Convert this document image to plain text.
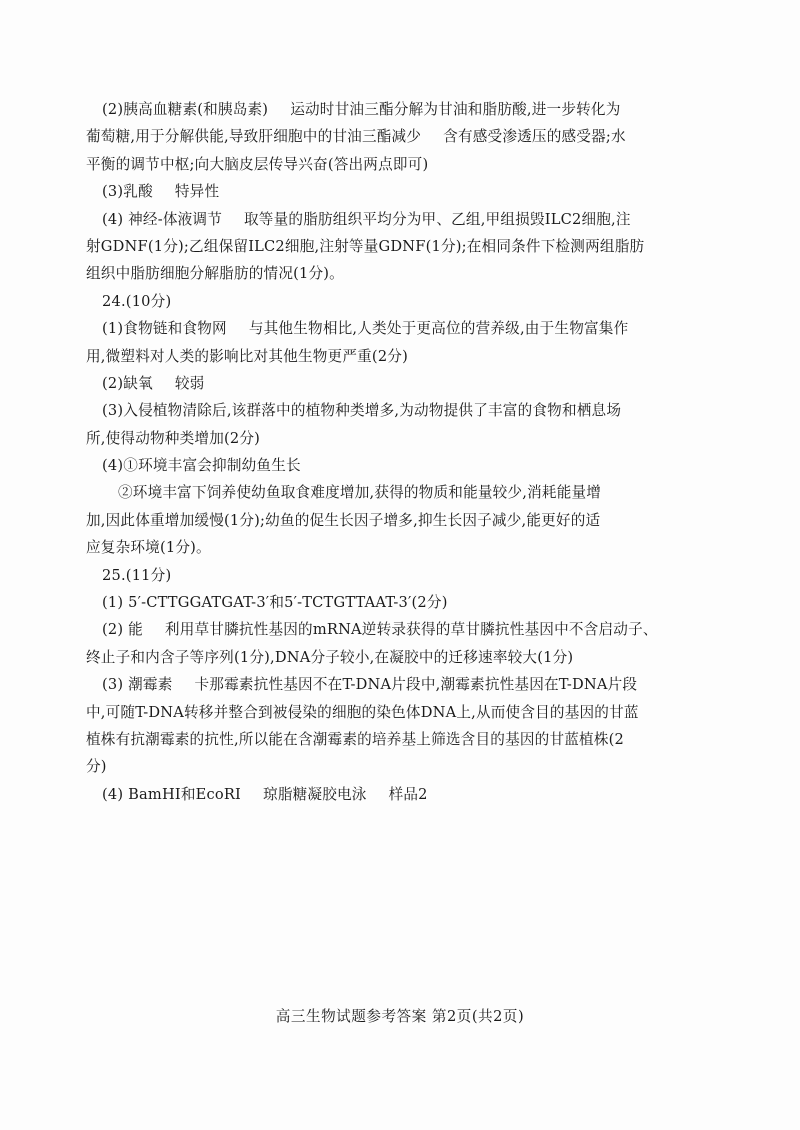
(2)胰高血糖素(和胰岛素) 运动时甘油三酯分解为甘油和脂肪酸,进一步转化为
葡萄糖,用于分解供能,导致肝细胞中的甘油三酯减少 含有感受渗透压的感受器;水
平衡的调节中枢;向大脑皮层传导兴奋(答出两点即可)
(3)乳酸 特异性
(4) 神经-体液调节 取等量的脂肪组织平均分为甲、乙组,甲组损毁ILC2细胞,注
射GDNF(1分);乙组保留ILC2细胞,注射等量GDNF(1分);在相同条件下检测两组脂肪
组织中脂肪细胞分解脂肪的情况(1分)。
24.(10分)
(1)食物链和食物网 与其他生物相比,人类处于更高位的营养级,由于生物富集作
用,微塑料对人类的影响比对其他生物更严重(2分)
(2)缺氧 较弱
(3)入侵植物清除后,该群落中的植物种类增多,为动物提供了丰富的食物和栖息场
所,使得动物种类增加(2分)
(4)①环境丰富会抑制幼鱼生长
②环境丰富下饲养使幼鱼取食难度增加,获得的物质和能量较少,消耗能量增
加,因此体重增加缓慢(1分);幼鱼的促生长因子增多,抑生长因子减少,能更好的适
应复杂环境(1分)。
25.(11分)
(1) 5′-CTTGGATGAT-3′和5′-TCTGTTAAT-3′(2分)
(2) 能 利用草甘膦抗性基因的mRNA逆转录获得的草甘膦抗性基因中不含启动子、
终止子和内含子等序列(1分),DNA分子较小,在凝胶中的迁移速率较大(1分)
(3) 潮霉素 卡那霉素抗性基因不在T-DNA片段中,潮霉素抗性基因在T-DNA片段
中,可随T-DNA转移并整合到被侵染的细胞的染色体DNA上,从而使含目的基因的甘蓝
植株有抗潮霉素的抗性,所以能在含潮霉素的培养基上筛选含目的基因的甘蓝植株(2
分)
(4) BamHI和EcoRI 琼脂糖凝胶电泳 样品2
高三生物试题参考答案 第2页(共2页)
